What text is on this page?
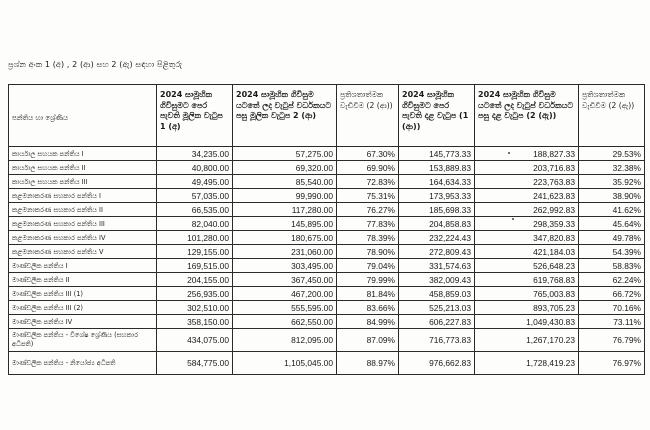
ප්‍රශ්න අංක 1 (අ) , 2 (ආ) සහ 2 (ඇ) සඳහා පිළිතුරු
පන්තිය හා ශ්‍රේණිය	2024 සාමූහික ගිවිසුමට පෙර පැවති මූලික වැටුප 1 (අ)	2024 සාමූහික ගිවිසුම යටතේ ලද වැටුප් වර්ධකයට පසු මූලික වැටුප 2 (ආ)	ප්‍රතිශතාත්මක වැඩිවීම (2 (ආ))	2024 සාමූහික ගිවිසුමට පෙර පැවති දළ වැටුප (1 (ආ))	2024 සාමූහික ගිවිසුම යටතේ ලද වැටුප් වර්ධකයට පසු දළ වැටුප (2 (ඇ))	ප්‍රතිශතාත්මක වැඩිවීම (2 (ඇ))
කාර්යාල සහයක පන්තිය I	34,235.00	57,275.00	67.30%	145,773.33	188,827.33	29.53%
කාර්යාල සහයක පන්තිය II	40,800.00	69,320.00	69.90%	153,889.83	203,716.83	32.38%
කාර්යාල සහයක පන්තිය III	49,495.00	85,540.00	72.83%	164,634.33	223,763.83	35.92%
කළමනාකරණ සහකාර පන්තිය I	57,035.00	99,990.00	75.31%	173,953.33	241,623.83	38.90%
කළමනාකරණ සහකාර පන්තිය II	66,535.00	117,280.00	76.27%	185,698.33	262,992.83	41.62%
කළමනාකරණ සහකාර පන්තිය III	82,040.00	145,895.00	77.83%	204,858.83	298,359.33	45.64%
කළමනාකරණ සහකාර පන්තිය IV	101,280.00	180,675.00	78.39%	232,224.43	347,820.83	49.78%
කළමනාකරණ සහකාර පන්තිය V	129,155.00	231,060.00	78.90%	272,809.43	421,184.03	54.39%
මාණ්ඩලික පන්තිය I	169,515.00	303,495.00	79.04%	331,574.63	526,648.23	58.83%
මාණ්ඩලික පන්තිය II	204,155.00	367,450.00	79.99%	382,009.43	619,768.83	62.24%
මාණ්ඩලික පන්තිය III (1)	256,935.00	467,200.00	81.84%	458,859.03	765,003.83	66.72%
මාණ්ඩලික පන්තිය III (2)	302,510.00	555,595.00	83.66%	525,213.03	893,705.23	70.16%
මාණ්ඩලික පන්තිය IV	358,150.00	662,550.00	84.99%	606,227.83	1,049,430.83	73.11%
මාණ්ඩලික පන්තිය - විශේෂ ශ්‍රේණිය (සහකාර අධිපති)	434,075.00	812,095.00	87.09%	716,773.83	1,267,170.23	76.79%
මාණ්ඩලික පන්තිය - නියෝජ්‍ය අධිපති	584,775.00	1,105,045.00	88.97%	976,662.83	1,728,419.23	76.97%
